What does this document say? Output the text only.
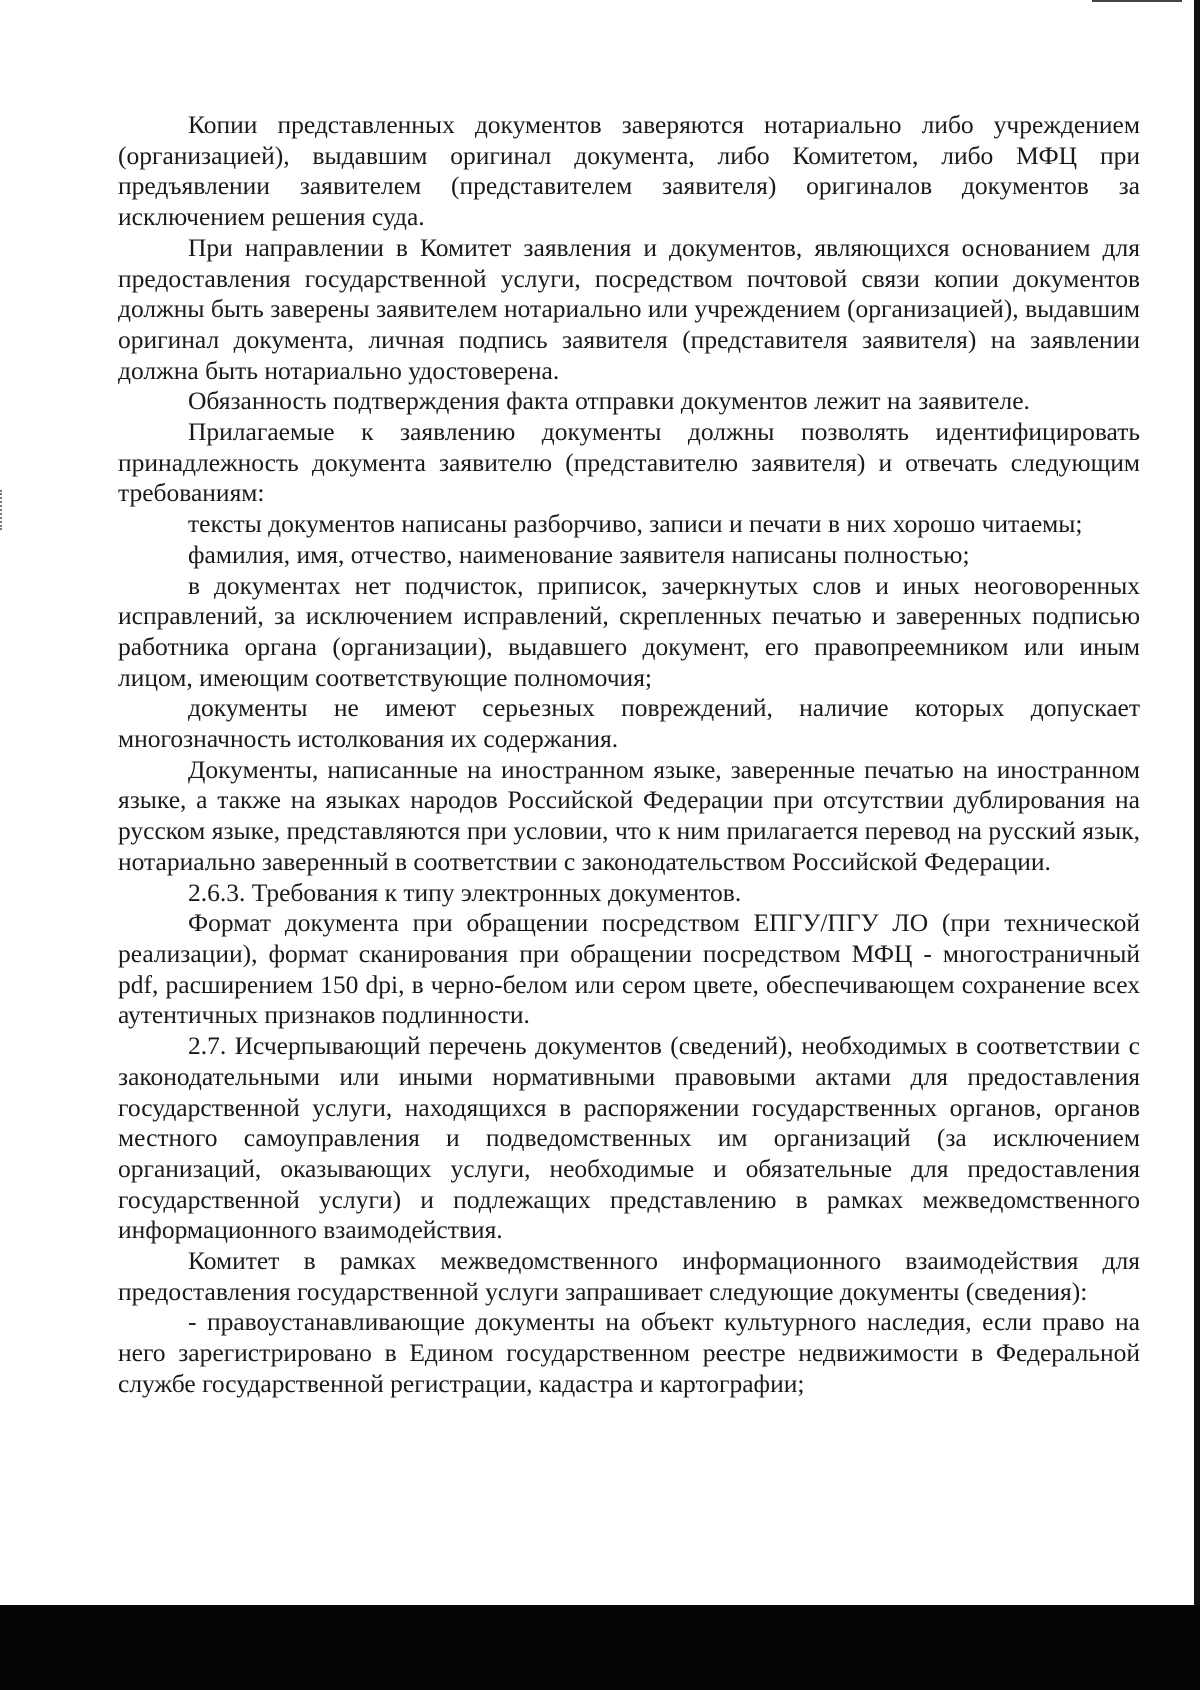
Копии представленных документов заверяются нотариально либо учреждением (организацией), выдавшим оригинал документа, либо Комитетом, либо МФЦ при предъявлении заявителем (представителем заявителя) оригиналов документов за исключением решения суда.

При направлении в Комитет заявления и документов, являющихся основанием для предоставления государственной услуги, посредством почтовой связи копии документов должны быть заверены заявителем нотариально или учреждением (организацией), выдавшим оригинал документа, личная подпись заявителя (представителя заявителя) на заявлении должна быть нотариально удостоверена.

Обязанность подтверждения факта отправки документов лежит на заявителе.

Прилагаемые к заявлению документы должны позволять идентифицировать принадлежность документа заявителю (представителю заявителя) и отвечать следующим требованиям:

тексты документов написаны разборчиво, записи и печати в них хорошо читаемы;

фамилия, имя, отчество, наименование заявителя написаны полностью;

в документах нет подчисток, приписок, зачеркнутых слов и иных неоговоренных исправлений, за исключением исправлений, скрепленных печатью и заверенных подписью работника органа (организации), выдавшего документ, его правопреемником или иным лицом, имеющим соответствующие полномочия;

документы не имеют серьезных повреждений, наличие которых допускает многозначность истолкования их содержания.

Документы, написанные на иностранном языке, заверенные печатью на иностранном языке, а также на языках народов Российской Федерации при отсутствии дублирования на русском языке, представляются при условии, что к ним прилагается перевод на русский язык, нотариально заверенный в соответствии с законодательством Российской Федерации.

2.6.3. Требования к типу электронных документов.

Формат документа при обращении посредством ЕПГУ/ПГУ ЛО (при технической реализации), формат сканирования при обращении посредством МФЦ - многостраничный pdf, расширением 150 dpi, в черно-белом или сером цвете, обеспечивающем сохранение всех аутентичных признаков подлинности.

2.7. Исчерпывающий перечень документов (сведений), необходимых в соответствии с законодательными или иными нормативными правовыми актами для предоставления государственной услуги, находящихся в распоряжении государственных органов, органов местного самоуправления и подведомственных им организаций (за исключением организаций, оказывающих услуги, необходимые и обязательные для предоставления государственной услуги) и подлежащих представлению в рамках межведомственного информационного взаимодействия.

Комитет в рамках межведомственного информационного взаимодействия для предоставления государственной услуги запрашивает следующие документы (сведения):

- правоустанавливающие документы на объект культурного наследия, если право на него зарегистрировано в Едином государственном реестре недвижимости в Федеральной службе государственной регистрации, кадастра и картографии;
